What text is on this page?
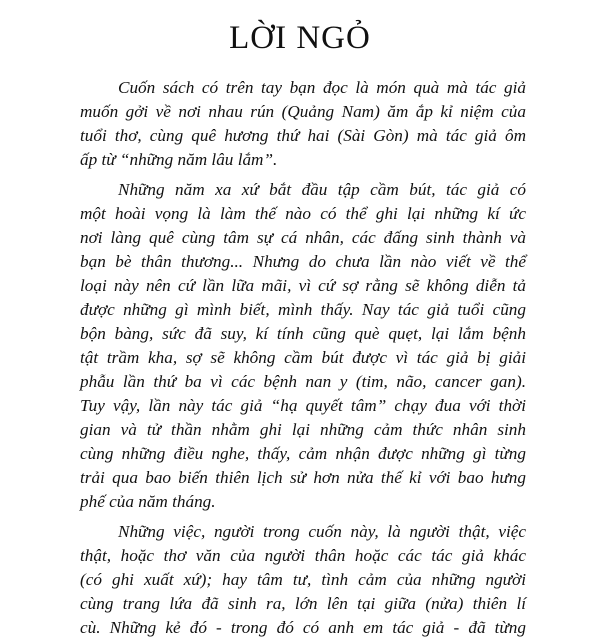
LỜI NGỎ
Cuốn sách có trên tay bạn đọc là món quà mà tác giả
muốn gởi về nơi nhau rún (Quảng Nam) ăm ắp kỉ niệm của
tuổi thơ, cùng quê hương thứ hai (Sài Gòn) mà tác giả ôm
ấp từ “những năm lâu lắm”.
Những năm xa xứ bắt đầu tập cầm bút, tác giả có
một hoài vọng là làm thế nào có thể ghi lại những kí ức
nơi làng quê cùng tâm sự cá nhân, các đấng sinh thành và
bạn bè thân thương... Nhưng do chưa lần nào viết về thể
loại này nên cứ lần lữa mãi, vì cứ sợ rằng sẽ không diễn tả
được những gì mình biết, mình thấy. Nay tác giả tuổi cũng
bộn bàng, sức đã suy, kí tính cũng què quẹt, lại lắm bệnh
tật trầm kha, sợ sẽ không cầm bút được vì tác giả bị giải
phẫu lần thứ ba vì các bệnh nan y (tim, não, cancer gan).
Tuy vậy, lần này tác giả “hạ quyết tâm” chạy đua với thời
gian và tử thần nhằm ghi lại những cảm thức nhân sinh
cùng những điều nghe, thấy, cảm nhận được những gì từng
trải qua bao biến thiên lịch sử hơn nửa thế kỉ với bao hưng
phế của năm tháng.
Những việc, người trong cuốn này, là người thật, việc
thật, hoặc thơ văn của người thân hoặc các tác giả khác
(có ghi xuất xứ); hay tâm tư, tình cảm của những người
cùng trang lứa đã sinh ra, lớn lên tại giữa (nửa) thiên lí
cù. Những kẻ đó - trong đó có anh em tác giả - đã từng
